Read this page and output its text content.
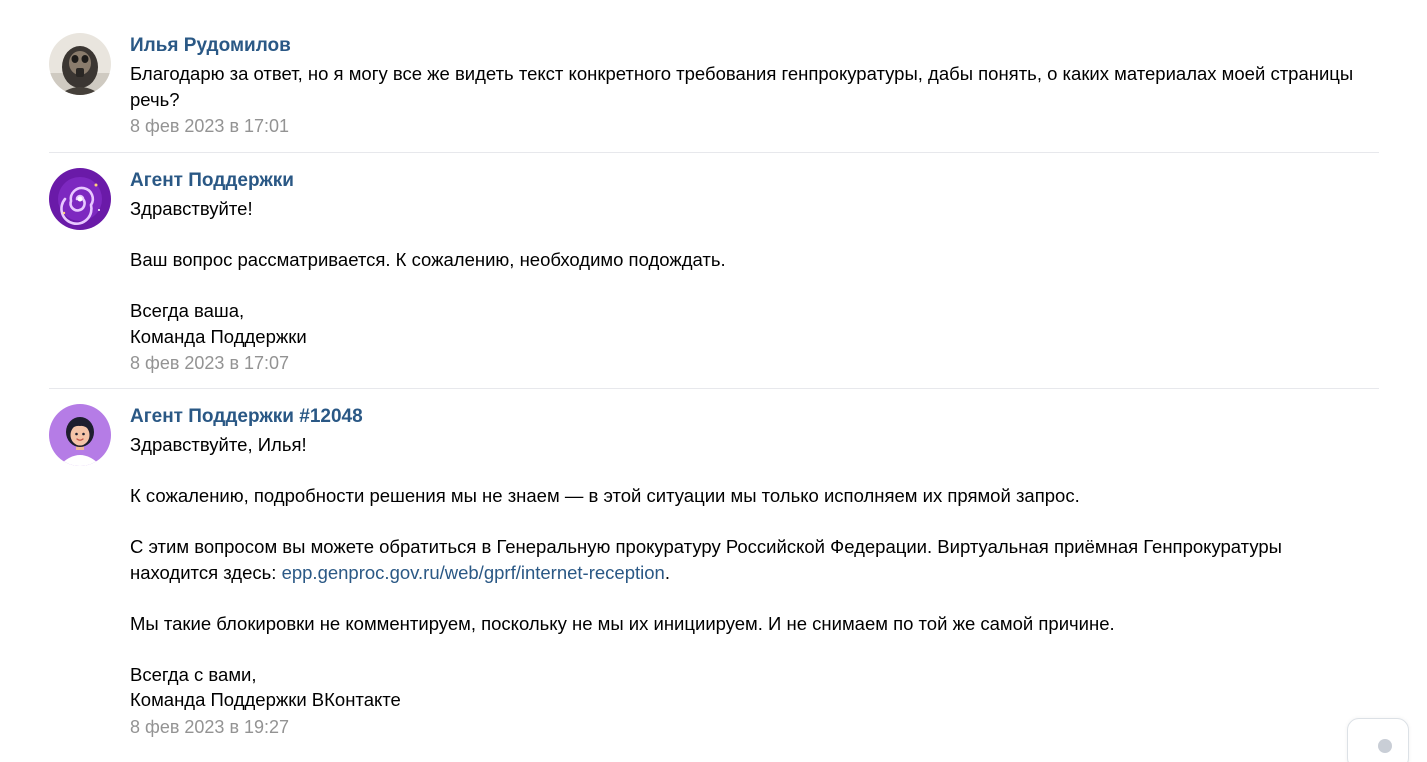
Илья Рудомилов

Благодарю за ответ, но я могу все же видеть текст конкретного требования генпрокуратуры, дабы понять, о каких материалах моей страницы речь?

8 фев 2023 в 17:01
Агент Поддержки

Здравствуйте!

Ваш вопрос рассматривается. К сожалению, необходимо подождать.

Всегда ваша,

Команда Поддержки

8 фев 2023 в 17:07
Агент Поддержки #12048

Здравствуйте, Илья!

К сожалению, подробности решения мы не знаем — в этой ситуации мы только исполняем их прямой запрос.

С этим вопросом вы можете обратиться в Генеральную прокуратуру Российской Федерации. Виртуальная приёмная Генпрокуратуры находится здесь: epp.genproc.gov.ru/web/gprf/internet-reception.

Мы такие блокировки не комментируем, поскольку не мы их инициируем. И не снимаем по той же самой причине.

Всегда с вами,

Команда Поддержки ВКонтакте

8 фев 2023 в 19:27
